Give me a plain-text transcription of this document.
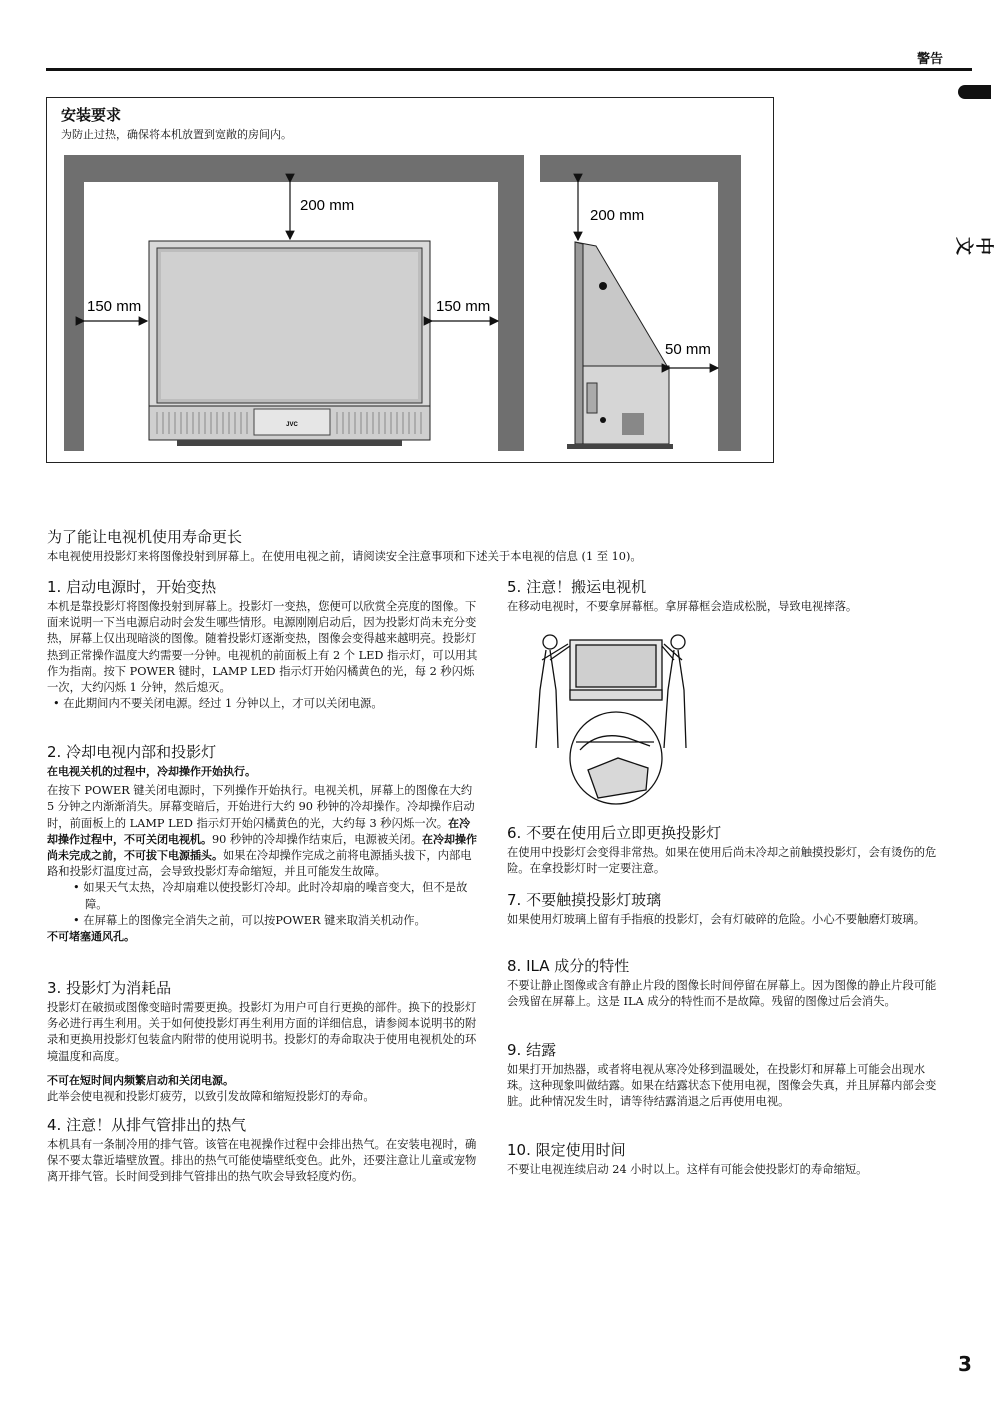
警告
中文
JVC
200 mm
150 mm	150 mm
200 mm
50 mm
安装要求
为防止过热，确保将本机放置到宽敞的房间内。
为了能让电视机使用寿命更长

本电视使用投影灯来将图像投射到屏幕上。在使用电视之前，请阅读安全注意事项和下述关于本电视的信息 (1 至 10)。

1. 启动电源时，开始变热

本机是靠投影灯将图像投射到屏幕上。投影灯一变热，您便可以欣赏全亮度的图像。下面来说明一下当电源启动时会发生哪些情形。电源刚刚启动后，因为投影灯尚未充分变热，屏幕上仅出现暗淡的图像。随着投影灯逐渐变热，图像会变得越来越明亮。投影灯热到正常操作温度大约需要一分钟。电视机的前面板上有 2 个 LED 指示灯，可以用其作为指南。按下 POWER 键时，LAMP LED 指示灯开始闪橘黄色的光，每 2 秒闪烁一次，大约闪烁 1 分钟，然后熄灭。

• 在此期间内不要关闭电源。经过 1 分钟以上，才可以关闭电源。

2. 冷却电视内部和投影灯

在电视关机的过程中，冷却操作开始执行。

在按下 POWER 键关闭电源时，下列操作开始执行。电视关机，屏幕上的图像在大约 5 分钟之内渐渐消失。屏幕变暗后，开始进行大约 90 秒钟的冷却操作。冷却操作启动时，前面板上的 LAMP LED 指示灯开始闪橘黄色的光，大约每 3 秒闪烁一次。在冷却操作过程中，不可关闭电视机。90 秒钟的冷却操作结束后，电源被关闭。在冷却操作尚未完成之前，不可拔下电源插头。如果在冷却操作完成之前将电源插头拔下，内部电路和投影灯温度过高，会导致投影灯寿命缩短，并且可能发生故障。

• 如果天气太热，冷却扇难以使投影灯冷却。此时冷却扇的噪音变大，但不是故障。

• 在屏幕上的图像完全消失之前，可以按POWER 键来取消关机动作。

不可堵塞通风孔。

3. 投影灯为消耗品

投影灯在破损或图像变暗时需要更换。投影灯为用户可自行更换的部件。换下的投影灯务必进行再生利用。关于如何使投影灯再生利用方面的详细信息，请参阅本说明书的附录和更换用投影灯包装盒内附带的使用说明书。投影灯的寿命取决于使用电视机处的环境温度和高度。

不可在短时间内频繁启动和关闭电源。

此举会使电视和投影灯疲劳，以致引发故障和缩短投影灯的寿命。

4. 注意！从排气管排出的热气

本机具有一条制冷用的排气管。该管在电视操作过程中会排出热气。在安装电视时，确保不要太靠近墙壁放置。排出的热气可能使墙壁纸变色。此外，还要注意让儿童或宠物离开排气管。长时间受到排气管排出的热气吹会导致轻度灼伤。

5. 注意！搬运电视机

在移动电视时，不要拿屏幕框。拿屏幕框会造成松脱，导致电视摔落。

6. 不要在使用后立即更换投影灯

在使用中投影灯会变得非常热。如果在使用后尚未冷却之前触摸投影灯，会有烫伤的危险。在拿投影灯时一定要注意。

7. 不要触摸投影灯玻璃

如果使用灯玻璃上留有手指痕的投影灯，会有灯破碎的危险。小心不要触磨灯玻璃。

8. ILA 成分的特性

不要让静止图像或含有静止片段的图像长时间停留在屏幕上。因为图像的静止片段可能会残留在屏幕上。这是 ILA 成分的特性而不是故障。残留的图像过后会消失。

9. 结露

如果打开加热器，或者将电视从寒冷处移到温暖处，在投影灯和屏幕上可能会出现水珠。这种现象叫做结露。如果在结露状态下使用电视，图像会失真，并且屏幕内部会变脏。此种情况发生时，请等待结露消退之后再使用电视。

10. 限定使用时间

不要让电视连续启动 24 小时以上。这样有可能会使投影灯的寿命缩短。

3
